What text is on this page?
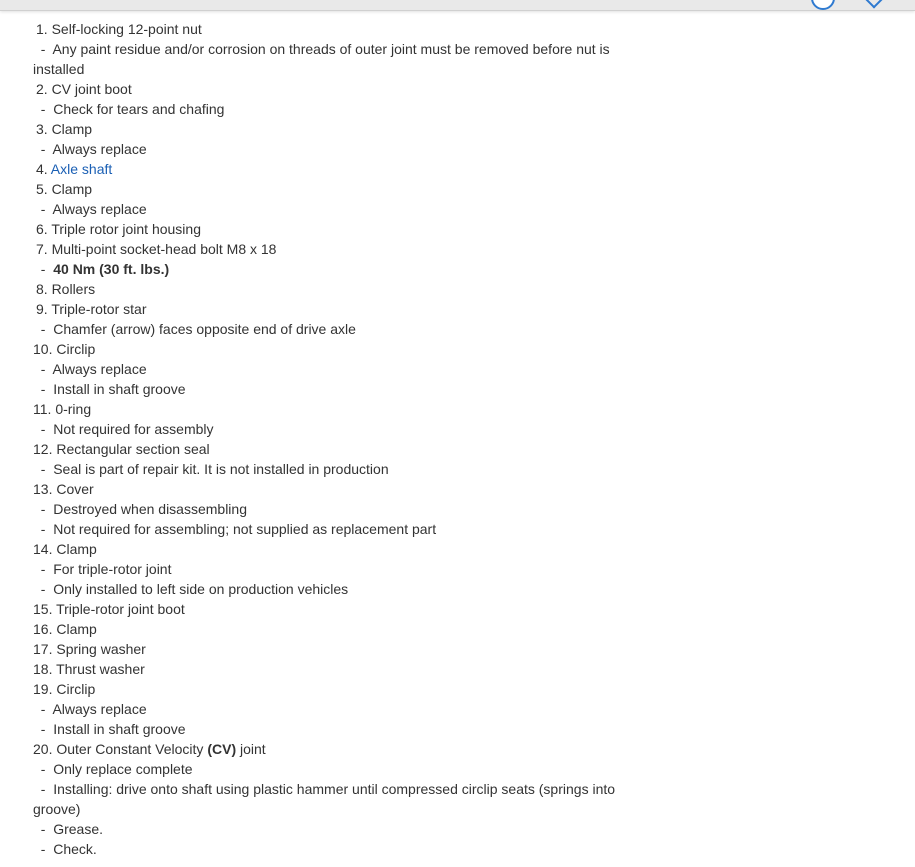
1. Self-locking 12-point nut
-  Any paint residue and/or corrosion on threads of outer joint must be removed before nut is installed
2. CV joint boot
-  Check for tears and chafing
3. Clamp
-  Always replace
4. Axle shaft
5. Clamp
-  Always replace
6. Triple rotor joint housing
7. Multi-point socket-head bolt M8 x 18
-  40 Nm (30 ft. lbs.)
8. Rollers
9. Triple-rotor star
-  Chamfer (arrow) faces opposite end of drive axle
10. Circlip
-  Always replace
-  Install in shaft groove
11. 0-ring
-  Not required for assembly
12. Rectangular section seal
-  Seal is part of repair kit. It is not installed in production
13. Cover
-  Destroyed when disassembling
-  Not required for assembling; not supplied as replacement part
14. Clamp
-  For triple-rotor joint
-  Only installed to left side on production vehicles
15. Triple-rotor joint boot
16. Clamp
17. Spring washer
18. Thrust washer
19. Circlip
-  Always replace
-  Install in shaft groove
20. Outer Constant Velocity (CV) joint
-  Only replace complete
-  Installing: drive onto shaft using plastic hammer until compressed circlip seats (springs into groove)
-  Grease.
-  Check.
